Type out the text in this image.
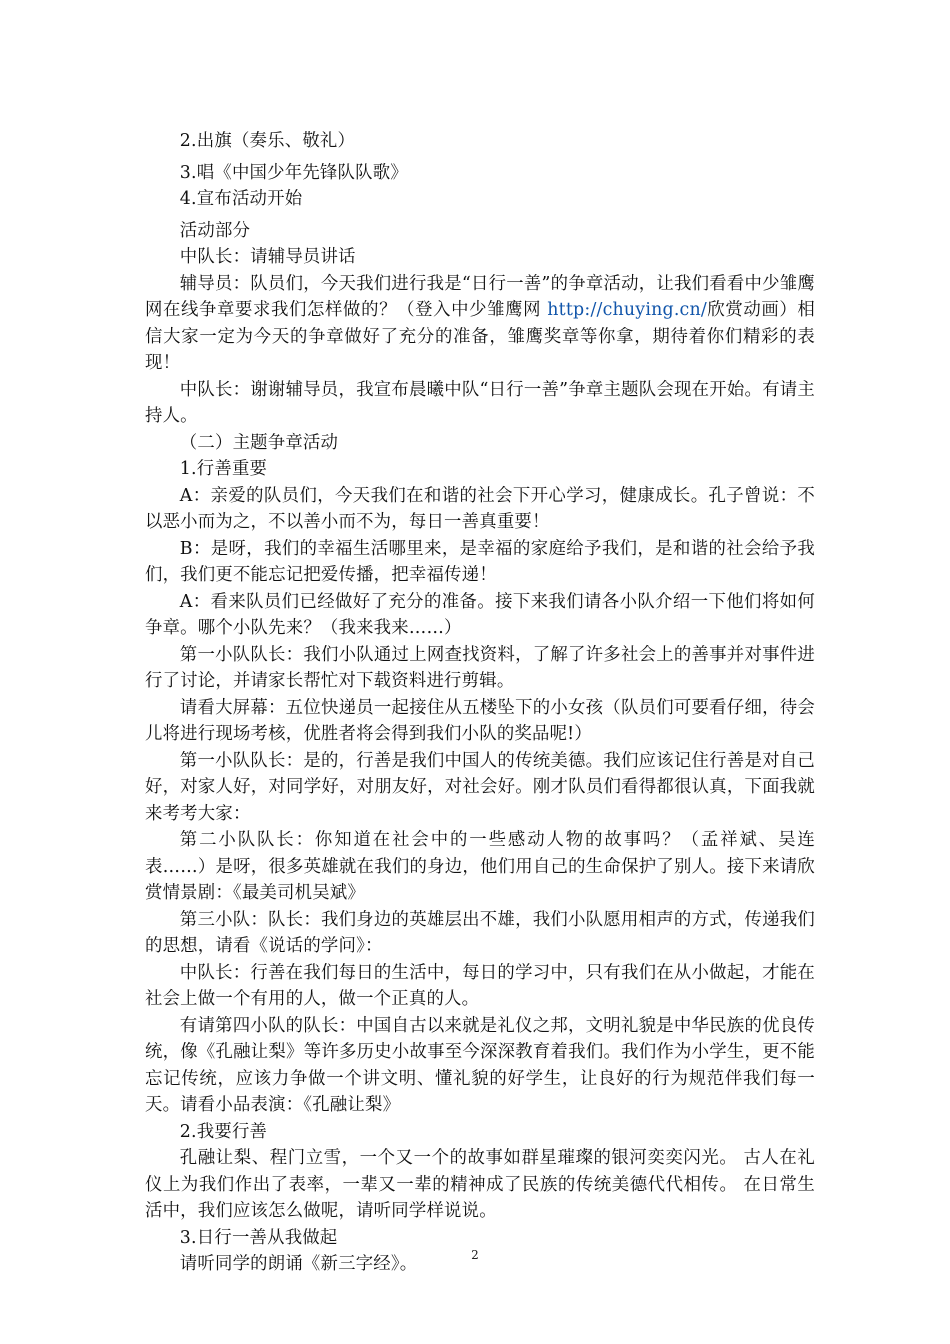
2.出旗（奏乐、敬礼）

3.唱《中国少年先锋队队歌》

4.宣布活动开始

活动部分

中队长：请辅导员讲话

辅导员：队员们，今天我们进行我是“日行一善”的争章活动，让我们看看中少雏鹰网在线争章要求我们怎样做的？（登入中少雏鹰网 http://chuying.cn/欣赏动画）相信大家一定为今天的争章做好了充分的准备，雏鹰奖章等你拿，期待着你们精彩的表现！

中队长：谢谢辅导员，我宣布晨曦中队“日行一善”争章主题队会现在开始。有请主持人。

（二）主题争章活动

1.行善重要

A：亲爱的队员们，今天我们在和谐的社会下开心学习，健康成长。孔子曾说：不以恶小而为之，不以善小而不为，每日一善真重要！

B：是呀，我们的幸福生活哪里来，是幸福的家庭给予我们，是和谐的社会给予我们，我们更不能忘记把爱传播，把幸福传递！

A：看来队员们已经做好了充分的准备。接下来我们请各小队介绍一下他们将如何争章。哪个小队先来？（我来我来……）

第一小队队长：我们小队通过上网查找资料，了解了许多社会上的善事并对事件进行了讨论，并请家长帮忙对下载资料进行剪辑。

请看大屏幕：五位快递员一起接住从五楼坠下的小女孩（队员们可要看仔细，待会儿将进行现场考核，优胜者将会得到我们小队的奖品呢!）

第一小队队长：是的，行善是我们中国人的传统美德。我们应该记住行善是对自己好，对家人好，对同学好，对朋友好，对社会好。刚才队员们看得都很认真，下面我就来考考大家：

第二小队队长：你知道在社会中的一些感动人物的故事吗？（孟祥斌、吴连表……）是呀，很多英雄就在我们的身边，他们用自己的生命保护了别人。接下来请欣赏情景剧：《最美司机吴斌》

第三小队：队长：我们身边的英雄层出不雄，我们小队愿用相声的方式，传递我们的思想，请看《说话的学问》：

中队长：行善在我们每日的生活中，每日的学习中，只有我们在从小做起，才能在社会上做一个有用的人，做一个正真的人。

有请第四小队的队长：中国自古以来就是礼仪之邦，文明礼貌是中华民族的优良传统，像《孔融让梨》等许多历史小故事至今深深教育着我们。我们作为小学生，更不能忘记传统，应该力争做一个讲文明、懂礼貌的好学生，让良好的行为规范伴我们每一天。请看小品表演：《孔融让梨》

2.我要行善

孔融让梨、程门立雪，一个又一个的故事如群星璀璨的银河奕奕闪光。 古人在礼仪上为我们作出了表率，一辈又一辈的精神成了民族的传统美德代代相传。 在日常生活中，我们应该怎么做呢，请听同学样说说。

3.日行一善从我做起

请听同学的朗诵《新三字经》。	2
